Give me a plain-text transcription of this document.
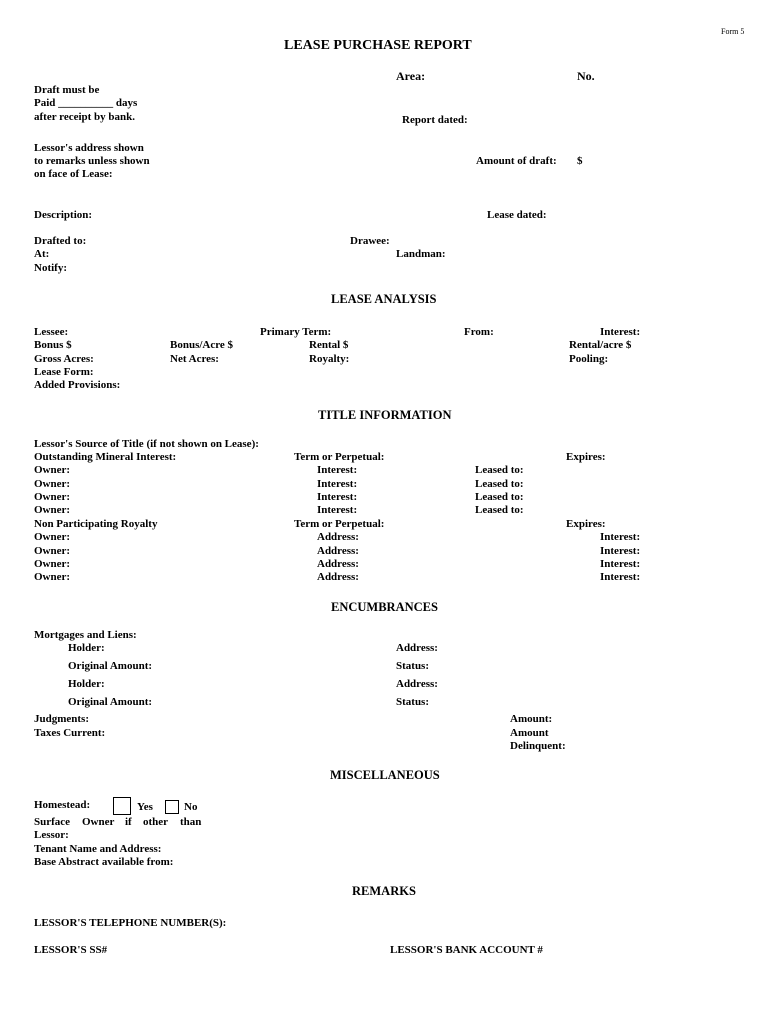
Form 5
LEASE PURCHASE REPORT
Area:	No.
Draft must be
Paid __________ days
after receipt by bank.	Report dated:
Lessor's address shown
to remarks unless shown
on face of Lease:
Amount of draft: $
Description:	Lease dated:
Drafted to:	Drawee:
At:	Landman:
Notify:
LEASE ANALYSIS
Lessee:	Primary Term:	From:	Interest:
Bonus $	Bonus/Acre $	Rental $	Rental/acre $
Gross Acres:	Net Acres:	Royalty:	Pooling:
Lease Form:
Added Provisions:
TITLE INFORMATION
Lessor's Source of Title (if not shown on Lease):
Outstanding Mineral Interest:	Term or Perpetual:	Expires:
Owner:	Interest:	Leased to:
Owner:	Interest:	Leased to:
Owner:	Interest:	Leased to:
Owner:	Interest:	Leased to:
Non Participating Royalty	Term or Perpetual:	Expires:
Owner:	Address:	Interest:
Owner:	Address:	Interest:
Owner:	Address:	Interest:
Owner:	Address:	Interest:
ENCUMBRANCES
Mortgages and Liens:
Holder:	Address:
Original Amount:	Status:
Holder:	Address:
Original Amount:	Status:
Judgments:	Amount:
Taxes Current:	Amount
Delinquent:
MISCELLANEOUS
Homestead:	Yes	No
Surface Owner if other than
Lessor:
Tenant Name and Address:
Base Abstract available from:
REMARKS
LESSOR'S TELEPHONE NUMBER(S):
LESSOR'S SS#	LESSOR'S BANK ACCOUNT #
